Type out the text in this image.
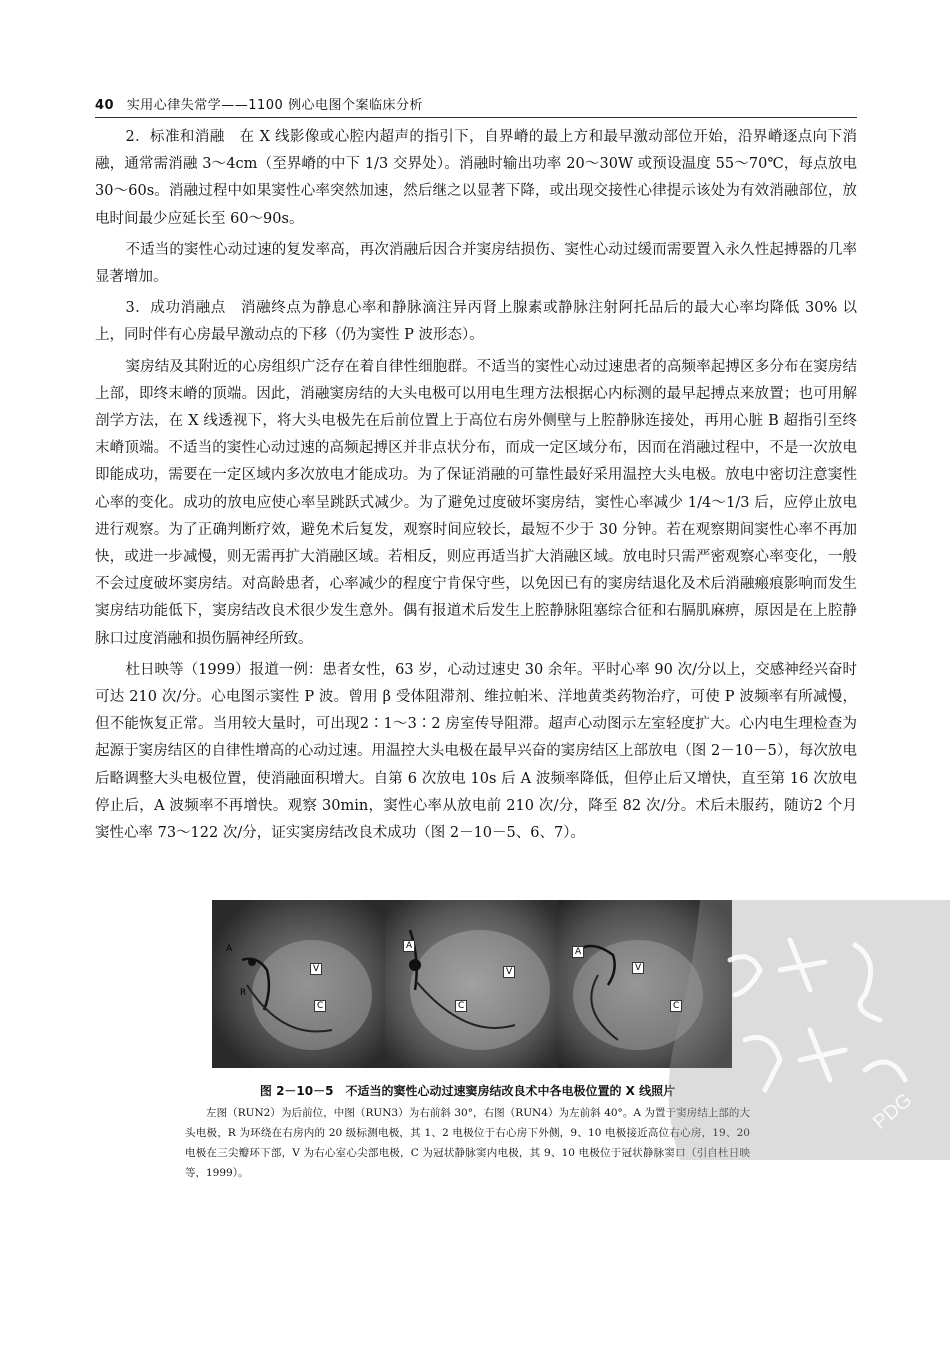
40 实用心律失常学——1100 例心电图个案临床分析

2．标准和消融　在 X 线影像或心腔内超声的指引下，自界嵴的最上方和最早激动部位开始，沿界嵴逐点向下消融，通常需消融 3～4cm（至界嵴的中下 1/3 交界处）。消融时输出功率 20～30W 或预设温度 55～70℃，每点放电 30～60s。消融过程中如果窦性心率突然加速，然后继之以显著下降，或出现交接性心律提示该处为有效消融部位，放电时间最少应延长至 60～90s。

不适当的窦性心动过速的复发率高，再次消融后因合并窦房结损伤、窦性心动过缓而需要置入永久性起搏器的几率显著增加。

3．成功消融点　消融终点为静息心率和静脉滴注异丙肾上腺素或静脉注射阿托品后的最大心率均降低 30% 以上，同时伴有心房最早激动点的下移（仍为窦性 P 波形态）。

窦房结及其附近的心房组织广泛存在着自律性细胞群。不适当的窦性心动过速患者的高频率起搏区多分布在窦房结上部，即终末嵴的顶端。因此，消融窦房结的大头电极可以用电生理方法根据心内标测的最早起搏点来放置；也可用解剖学方法，在 X 线透视下，将大头电极先在后前位置上于高位右房外侧壁与上腔静脉连接处，再用心脏 B 超指引至终末嵴顶端。不适当的窦性心动过速的高频起搏区并非点状分布，而成一定区域分布，因而在消融过程中，不是一次放电即能成功，需要在一定区域内多次放电才能成功。为了保证消融的可靠性最好采用温控大头电极。放电中密切注意窦性心率的变化。成功的放电应使心率呈跳跃式减少。为了避免过度破坏窦房结，窦性心率减少 1/4～1/3 后，应停止放电进行观察。为了正确判断疗效，避免术后复发，观察时间应较长，最短不少于 30 分钟。若在观察期间窦性心率不再加快，或进一步减慢，则无需再扩大消融区域。若相反，则应再适当扩大消融区域。放电时只需严密观察心率变化，一般不会过度破坏窦房结。对高龄患者，心率减少的程度宁肯保守些，以免因已有的窦房结退化及术后消融瘢痕影响而发生窦房结功能低下，窦房结改良术很少发生意外。偶有报道术后发生上腔静脉阻塞综合征和右膈肌麻痹，原因是在上腔静脉口过度消融和损伤膈神经所致。

杜日映等（1999）报道一例：患者女性，63 岁，心动过速史 30 余年。平时心率 90 次/分以上，交感神经兴奋时可达 210 次/分。心电图示窦性 P 波。曾用 β 受体阻滞剂、维拉帕米、洋地黄类药物治疗，可使 P 波频率有所减慢，但不能恢复正常。当用较大量时，可出现2∶1～3∶2 房室传导阻滞。超声心动图示左室轻度扩大。心内电生理检查为起源于窦房结区的自律性增高的心动过速。用温控大头电极在最早兴奋的窦房结区上部放电（图 2－10－5），每次放电后略调整大头电极位置，使消融面积增大。自第 6 次放电 10s 后 A 波频率降低，但停止后又增快，直至第 16 次放电停止后，A 波频率不再增快。观察 30min，窦性心率从放电前 210 次/分，降至 82 次/分。术后未服药，随访2 个月窦性心率 73～122 次/分，证实窦房结改良术成功（图 2－10－5、6、7）。

A
R
V
C
A
V
C
A
V
C
图 2－10－5　不适当的窦性心动过速窦房结改良术中各电极位置的 X 线照片
左图（RUN2）为后前位，中图（RUN3）为右前斜 30°，右图（RUN4）为左前斜 40°。A 为置于窦房结上部的大头电极，R 为环绕在右房内的 20 级标测电极，其 1、2 电极位于右心房下外侧，9、10 电极接近高位右心房，19、20 电极在三尖瓣环下部，V 为右心室心尖部电极，C 为冠状静脉窦内电极，其 9、10 电极位于冠状静脉窦口（引自杜日映等，1999）。
PDG
